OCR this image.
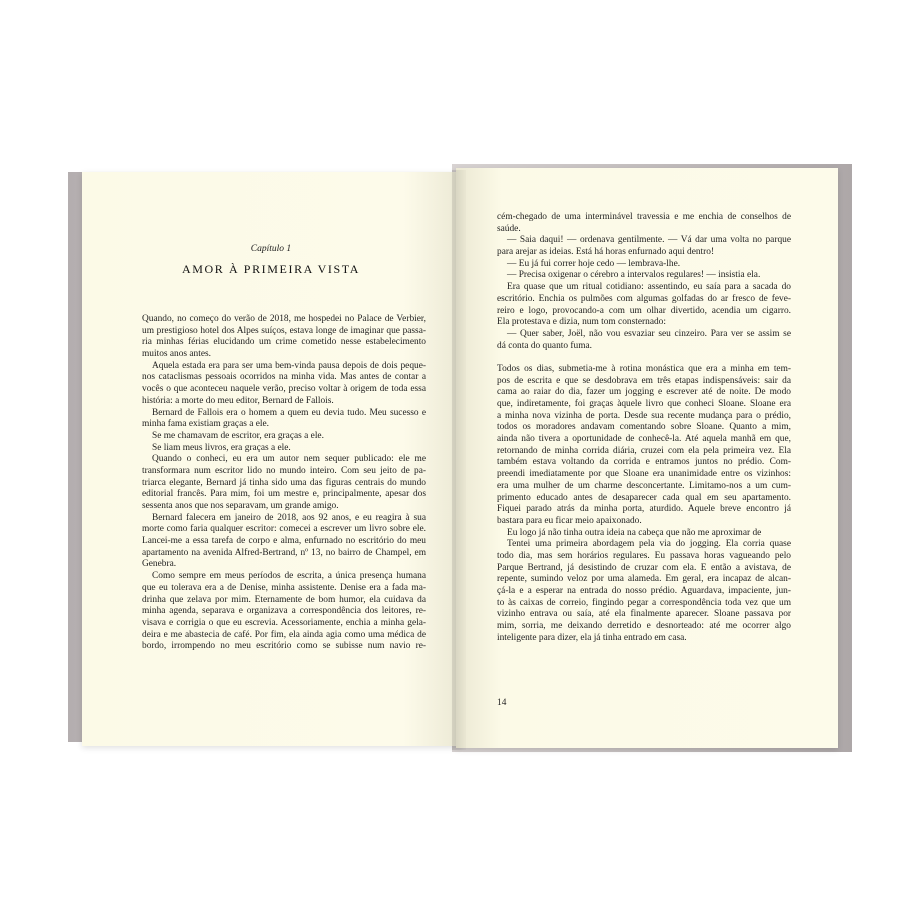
Capítulo 1
AMOR À PRIMEIRA VISTA
Quando, no começo do verão de 2018, me hospedei no Palace de Verbier,
um prestigioso hotel dos Alpes suíços, estava longe de imaginar que passa-
ria minhas férias elucidando um crime cometido nesse estabelecimento
muitos anos antes.
Aquela estada era para ser uma bem-vinda pausa depois de dois peque-
nos cataclismas pessoais ocorridos na minha vida. Mas antes de contar a
vocês o que aconteceu naquele verão, preciso voltar à origem de toda essa
história: a morte do meu editor, Bernard de Fallois.
Bernard de Fallois era o homem a quem eu devia tudo. Meu sucesso e
minha fama existiam graças a ele.
Se me chamavam de escritor, era graças a ele.
Se liam meus livros, era graças a ele.
Quando o conheci, eu era um autor nem sequer publicado: ele me
transformara num escritor lido no mundo inteiro. Com seu jeito de pa-
triarca elegante, Bernard já tinha sido uma das figuras centrais do mundo
editorial francês. Para mim, foi um mestre e, principalmente, apesar dos
sessenta anos que nos separavam, um grande amigo.
Bernard falecera em janeiro de 2018, aos 92 anos, e eu reagira à sua
morte como faria qualquer escritor: comecei a escrever um livro sobre ele.
Lancei-me a essa tarefa de corpo e alma, enfurnado no escritório do meu
apartamento na avenida Alfred-Bertrand, nº 13, no bairro de Champel, em
Genebra.
Como sempre em meus períodos de escrita, a única presença humana
que eu tolerava era a de Denise, minha assistente. Denise era a fada ma-
drinha que zelava por mim. Eternamente de bom humor, ela cuidava da
minha agenda, separava e organizava a correspondência dos leitores, re-
visava e corrigia o que eu escrevia. Acessoriamente, enchia a minha gela-
deira e me abastecia de café. Por fim, ela ainda agia como uma médica de
bordo, irrompendo no meu escritório como se subisse num navio re-
cém-chegado de uma interminável travessia e me enchia de conselhos de
saúde.
— Saia daqui! — ordenava gentilmente. — Vá dar uma volta no parque
para arejar as ideias. Está há horas enfurnado aqui dentro!
— Eu já fui correr hoje cedo — lembrava-lhe.
— Precisa oxigenar o cérebro a intervalos regulares! — insistia ela.
Era quase que um ritual cotidiano: assentindo, eu saía para a sacada do
escritório. Enchia os pulmões com algumas golfadas do ar fresco de feve-
reiro e logo, provocando-a com um olhar divertido, acendia um cigarro.
Ela protestava e dizia, num tom consternado:
— Quer saber, Joël, não vou esvaziar seu cinzeiro. Para ver se assim se
dá conta do quanto fuma.
Todos os dias, submetia-me à rotina monástica que era a minha em tem-
pos de escrita e que se desdobrava em três etapas indispensáveis: sair da
cama ao raiar do dia, fazer um jogging e escrever até de noite. De modo
que, indiretamente, foi graças àquele livro que conheci Sloane. Sloane era
a minha nova vizinha de porta. Desde sua recente mudança para o prédio,
todos os moradores andavam comentando sobre Sloane. Quanto a mim,
ainda não tivera a oportunidade de conhecê-la. Até aquela manhã em que,
retornando de minha corrida diária, cruzei com ela pela primeira vez. Ela
também estava voltando da corrida e entramos juntos no prédio. Com-
preendi imediatamente por que Sloane era unanimidade entre os vizinhos:
era uma mulher de um charme desconcertante. Limitamo-nos a um cum-
primento educado antes de desaparecer cada qual em seu apartamento.
Fiquei parado atrás da minha porta, aturdido. Aquele breve encontro já
bastara para eu ficar meio apaixonado.
Eu logo já não tinha outra ideia na cabeça que não me aproximar de
Tentei uma primeira abordagem pela via do jogging. Ela corria quase
todo dia, mas sem horários regulares. Eu passava horas vagueando pelo
Parque Bertrand, já desistindo de cruzar com ela. E então a avistava, de
repente, sumindo veloz por uma alameda. Em geral, era incapaz de alcan-
çá-la e a esperar na entrada do nosso prédio. Aguardava, impaciente, jun-
to às caixas de correio, fingindo pegar a correspondência toda vez que um
vizinho entrava ou saía, até ela finalmente aparecer. Sloane passava por
mim, sorria, me deixando derretido e desnorteado: até me ocorrer algo
inteligente para dizer, ela já tinha entrado em casa.
14
